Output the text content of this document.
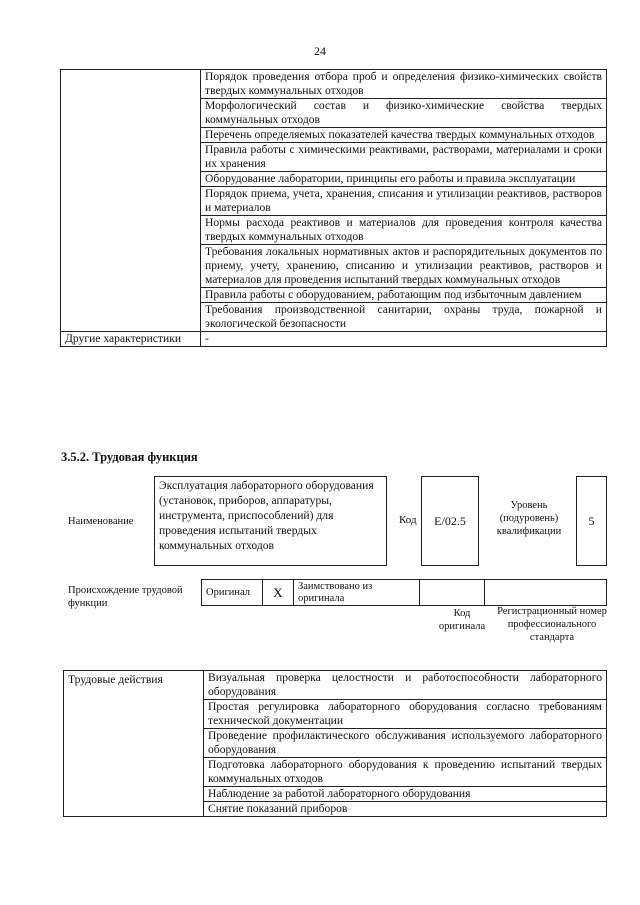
24
	Порядок проведения отбора проб и определения физико-химических свойств твердых коммунальных отходов
	Морфологический состав и физико-химические свойства твердых коммунальных отходов
	Перечень определяемых показателей качества твердых коммунальных отходов
	Правила работы с химическими реактивами, растворами, материалами и сроки их хранения
	Оборудование лаборатории, принципы его работы и правила эксплуатации
	Порядок приема, учета, хранения, списания и утилизации реактивов, растворов и материалов
	Нормы расхода реактивов и материалов для проведения контроля качества твердых коммунальных отходов
	Требования локальных нормативных актов и распорядительных документов по приему, учету, хранению, списанию и утилизации реактивов, растворов и материалов для проведения испытаний твердых коммунальных отходов
	Правила работы с оборудованием, работающим под избыточным давлением
	Требования производственной санитарии, охраны труда, пожарной и экологической безопасности
Другие характеристики	-
3.5.2. Трудовая функция
Наименование
Эксплуатация лабораторного оборудования (установок, приборов, аппаратуры, инструмента, приспособлений) для проведения испытаний твердых коммунальных отходов
Код	E/02.5
Уровень (подуровень) квалификации
5
Происхождение трудовой функции
Оригинал	X	Заимствовано из оригинала		
Код оригинала
Регистрационный номер профессионального стандарта
Трудовые действия	Визуальная проверка целостности и работоспособности лабораторного оборудования
Простая регулировка лабораторного оборудования согласно требованиям технической документации
Проведение профилактического обслуживания используемого лабораторного оборудования
Подготовка лабораторного оборудования к проведению испытаний твердых коммунальных отходов
Наблюдение за работой лабораторного оборудования
Снятие показаний приборов
